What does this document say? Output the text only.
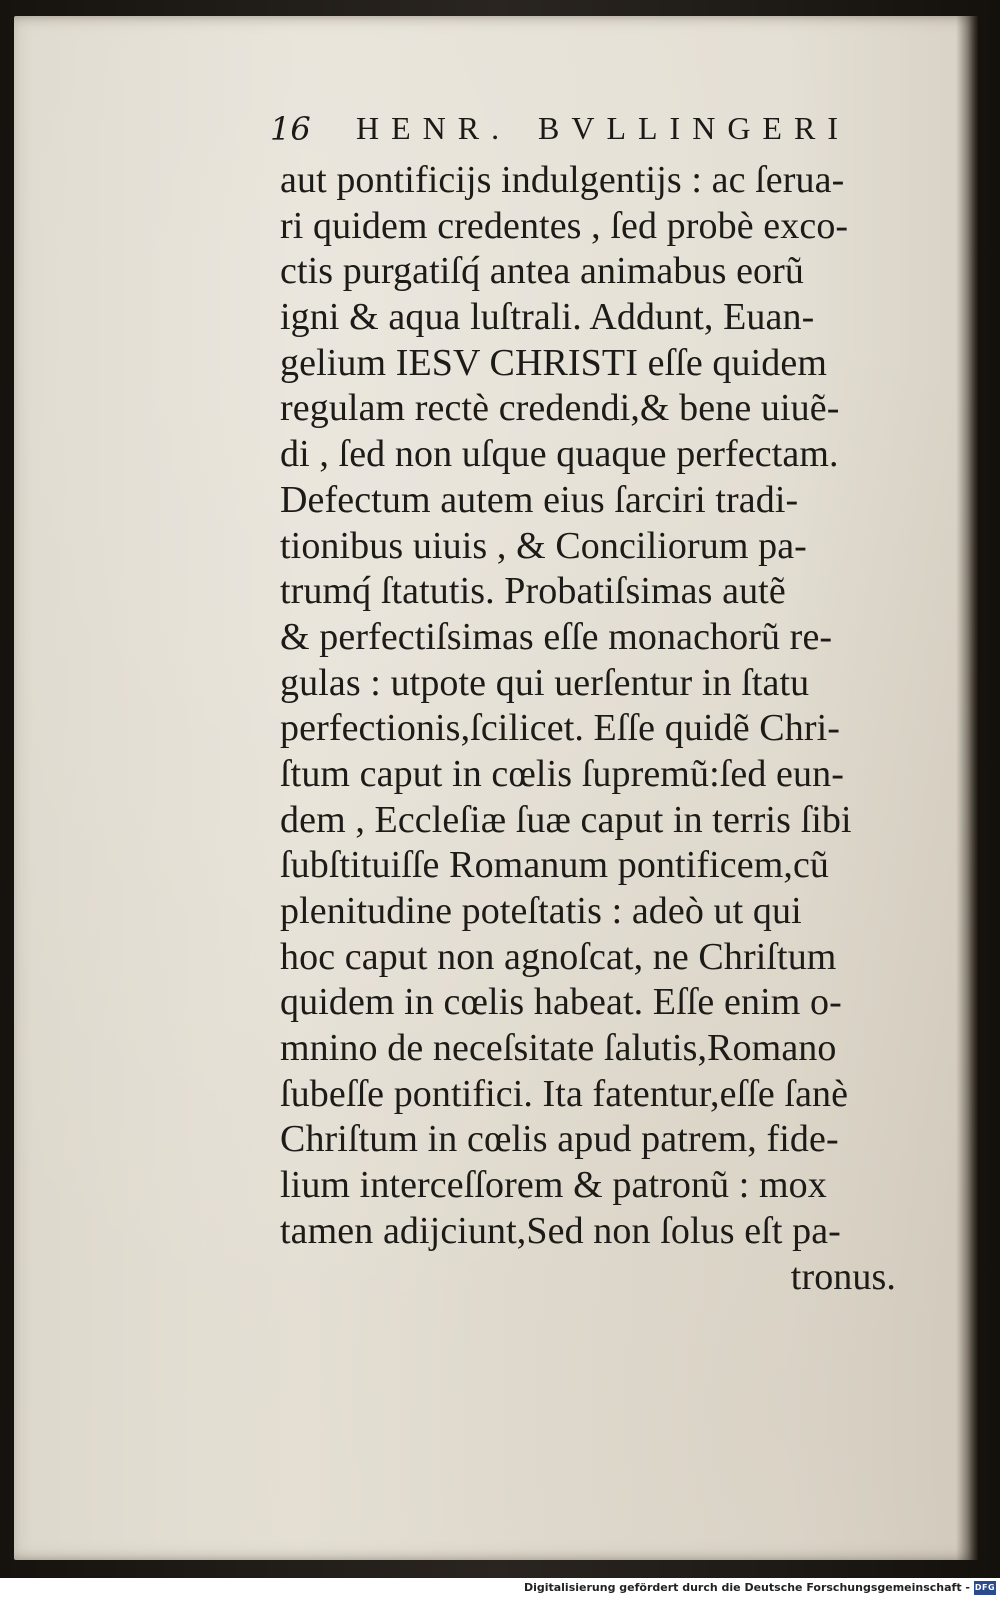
16 HENR. BVLLINGERI
aut pontificijs indulgentijs : ac ſerua-
ri quidem credentes , ſed probè exco-
ctis purgatiſq́ antea animabus eorũ
igni & aqua luſtrali. Addunt, Euan-
gelium IESV CHRISTI eſſe quidem
regulam rectè credendi,& bene uiuẽ-
di , ſed non uſque quaque perfectam.
Defectum autem eius ſarciri tradi-
tionibus uiuis , & Conciliorum pa-
trumq́ ſtatutis. Probatiſsimas autẽ
& perfectiſsimas eſſe monachorũ re-
gulas : utpote qui uerſentur in ſtatu
perfectionis,ſcilicet. Eſſe quidẽ Chri-
ſtum caput in cœlis ſupremũ:ſed eun-
dem , Eccleſiæ ſuæ caput in terris ſibi
ſubſtituiſſe Romanum pontificem,cũ
plenitudine poteſtatis : adeò ut qui
hoc caput non agnoſcat, ne Chriſtum
quidem in cœlis habeat. Eſſe enim o-
mnino de neceſsitate ſalutis,Romano
ſubeſſe pontifici. Ita fatentur,eſſe ſanè
Chriſtum in cœlis apud patrem, fide-
lium interceſſorem & patronũ : mox
tamen adijciunt,Sed non ſolus eſt pa-
tronus.
Digitalisierung gefördert durch die Deutsche Forschungsgemeinschaft - DFG
